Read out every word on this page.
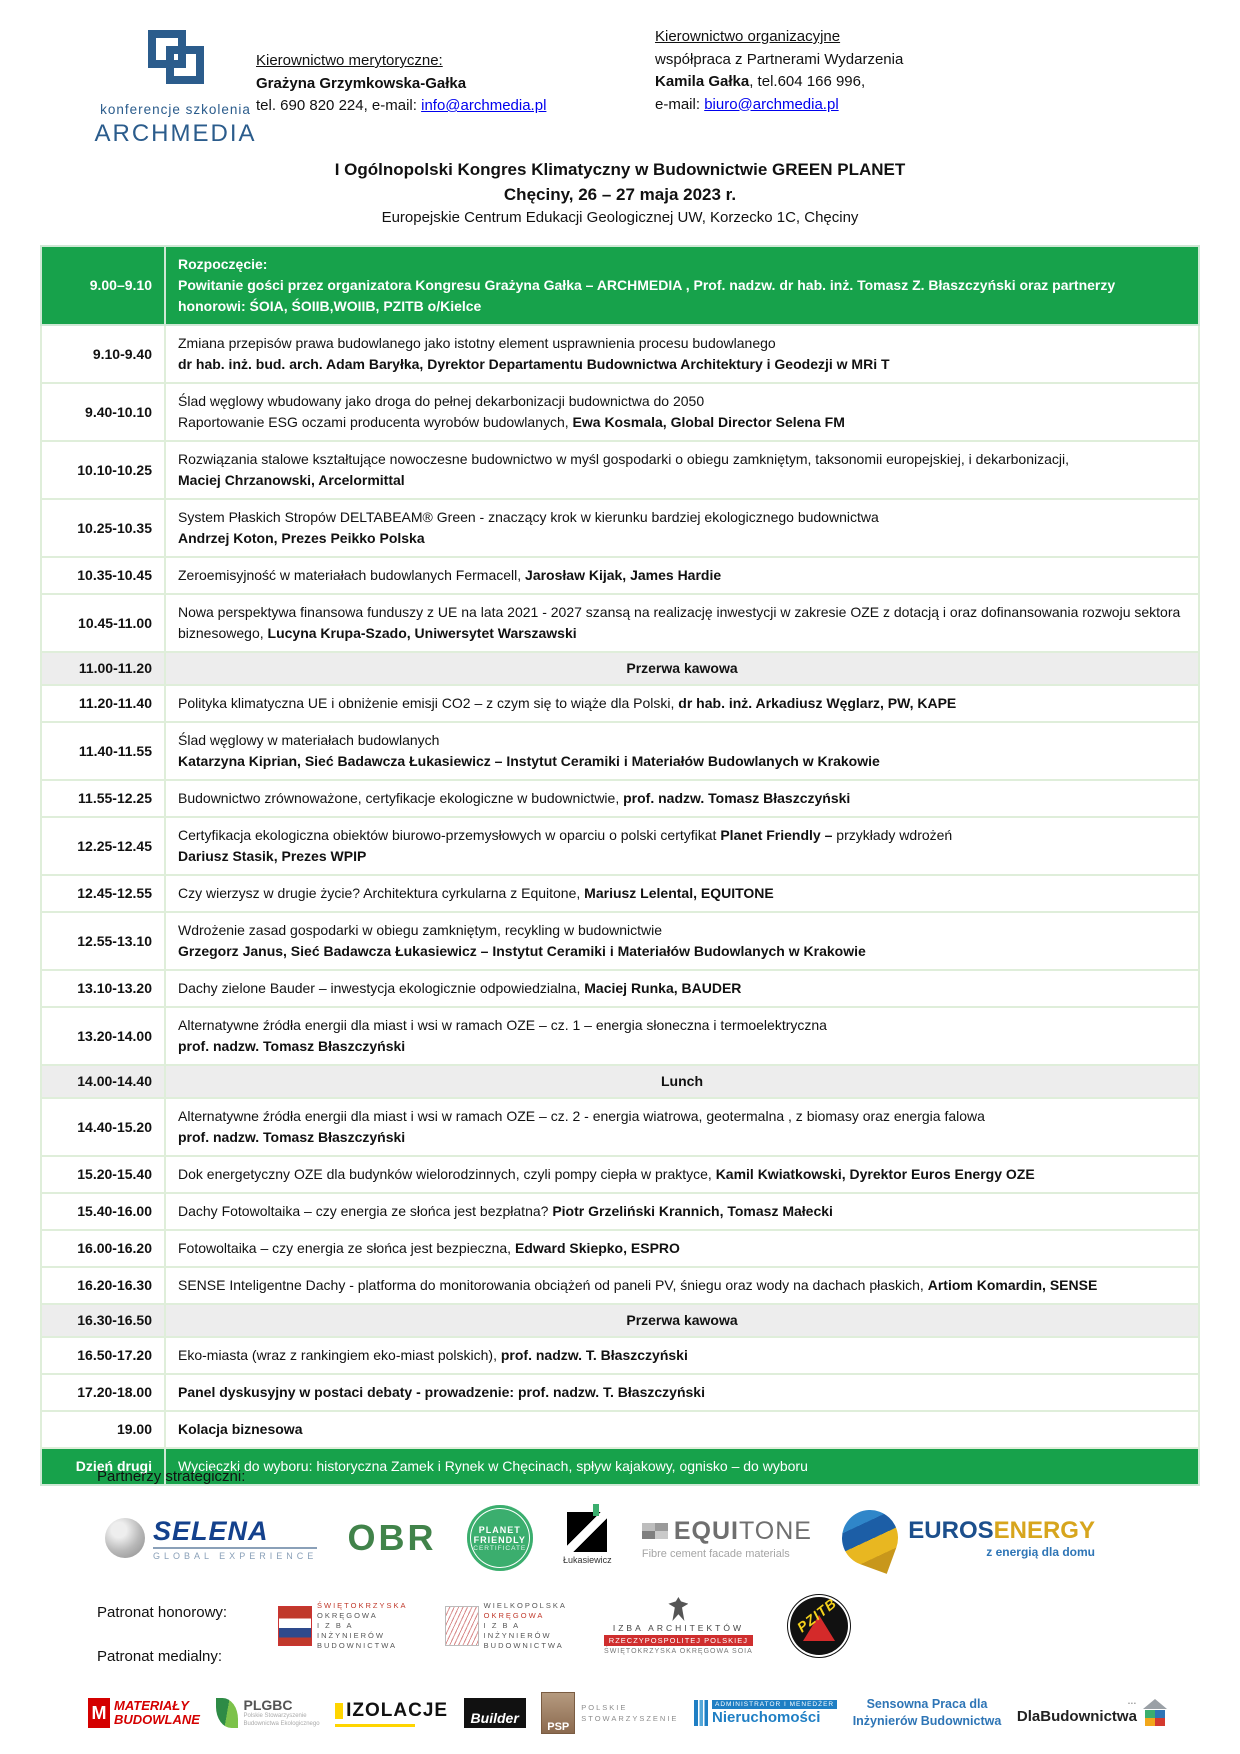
konferencje szkolenia
ARCHMEDIA
Kierownictwo merytoryczne:
Grażyna Grzymkowska-Gałka
tel. 690 820 224, e-mail: info@archmedia.pl
Kierownictwo organizacyjne
współpraca z Partnerami Wydarzenia
Kamila Gałka, tel.604 166 996,
e-mail: biuro@archmedia.pl
I Ogólnopolski Kongres Klimatyczny w Budownictwie GREEN PLANET
Chęciny, 26 – 27 maja 2023 r.
Europejskie Centrum Edukacji Geologicznej UW, Korzecko 1C, Chęciny
9.00–9.10	Rozpoczęcie:
Powitanie gości przez organizatora Kongresu Grażyna Gałka – ARCHMEDIA , Prof. nadzw. dr hab. inż. Tomasz Z. Błaszczyński oraz partnerzy honorowi: ŚOIA, ŚOIIB,WOIIB, PZITB o/Kielce

9.10-9.40	Zmiana przepisów prawa budowlanego jako istotny element usprawnienia procesu budowlanego
dr hab. inż. bud. arch. Adam Baryłka, Dyrektor Departamentu Budownictwa Architektury i Geodezji w MRi T
9.40-10.10	Ślad węglowy wbudowany jako droga do pełnej dekarbonizacji budownictwa do 2050
Raportowanie ESG oczami producenta wyrobów budowlanych, Ewa Kosmala, Global Director Selena FM
10.10-10.25	Rozwiązania stalowe kształtujące nowoczesne budownictwo w myśl gospodarki o obiegu zamkniętym, taksonomii europejskiej, i dekarbonizacji,
Maciej Chrzanowski, Arcelormittal
10.25-10.35	System Płaskich Stropów DELTABEAM® Green - znaczący krok w kierunku bardziej ekologicznego budownictwa
Andrzej Koton, Prezes Peikko Polska
10.35-10.45	Zeroemisyjność w materiałach budowlanych Fermacell, Jarosław Kijak, James Hardie
10.45-11.00	Nowa perspektywa finansowa funduszy z UE na lata 2021 - 2027 szansą na realizację inwestycji w zakresie OZE z dotacją i oraz dofinansowania rozwoju sektora biznesowego, Lucyna Krupa-Szado, Uniwersytet Warszawski
11.00-11.20	Przerwa kawowa
11.20-11.40	Polityka klimatyczna UE i obniżenie emisji CO2 – z czym się to wiąże dla Polski, dr hab. inż. Arkadiusz Węglarz, PW, KAPE
11.40-11.55	Ślad węglowy w materiałach budowlanych
Katarzyna Kiprian, Sieć Badawcza Łukasiewicz – Instytut Ceramiki i Materiałów Budowlanych w Krakowie
11.55-12.25	Budownictwo zrównoważone, certyfikacje ekologiczne w budownictwie, prof. nadzw. Tomasz Błaszczyński
12.25-12.45	Certyfikacja ekologiczna obiektów biurowo-przemysłowych w oparciu o polski certyfikat Planet Friendly – przykłady wdrożeń
Dariusz Stasik, Prezes WPIP
12.45-12.55	Czy wierzysz w drugie życie? Architektura cyrkularna z Equitone, Mariusz Lelental, EQUITONE
12.55-13.10	Wdrożenie zasad gospodarki w obiegu zamkniętym, recykling w budownictwie
Grzegorz Janus, Sieć Badawcza Łukasiewicz – Instytut Ceramiki i Materiałów Budowlanych w Krakowie
13.10-13.20	Dachy zielone Bauder – inwestycja ekologicznie odpowiedzialna, Maciej Runka, BAUDER
13.20-14.00	Alternatywne źródła energii dla miast i wsi w ramach OZE – cz. 1 – energia słoneczna i termoelektryczna
prof. nadzw. Tomasz Błaszczyński
14.00-14.40	Lunch
14.40-15.20	Alternatywne źródła energii dla miast i wsi w ramach OZE – cz. 2 - energia wiatrowa, geotermalna , z biomasy oraz energia falowa
prof. nadzw. Tomasz Błaszczyński
15.20-15.40	Dok energetyczny OZE dla budynków wielorodzinnych, czyli pompy ciepła w praktyce, Kamil Kwiatkowski, Dyrektor Euros Energy OZE
15.40-16.00	Dachy Fotowoltaika – czy energia ze słońca jest bezpłatna? Piotr Grzeliński Krannich, Tomasz Małecki
16.00-16.20	Fotowoltaika – czy energia ze słońca jest bezpieczna, Edward Skiepko, ESPRO
16.20-16.30	SENSE Inteligentne Dachy - platforma do monitorowania obciążeń od paneli PV, śniegu oraz wody na dachach płaskich, Artiom Komardin, SENSE
16.30-16.50	Przerwa kawowa
16.50-17.20	Eko-miasta (wraz z rankingiem eko-miast polskich), prof. nadzw. T. Błaszczyński
17.20-18.00	Panel dyskusyjny w postaci debaty - prowadzenie: prof. nadzw. T. Błaszczyński
19.00	Kolacja biznesowa
Dzień drugi	Wycieczki do wyboru: historyczna Zamek i Rynek w Chęcinach, spływ kajakowy, ognisko – do wyboru
Partnerzy strategiczni:
SELENA
GLOBAL EXPERIENCE OBR	PLANET
FRIENDLY
CERTIFICATE
Łukasiewicz
EQUITONE
Fibre cement facade materials
EUROSENERGY
z energią dla domu
Patronat honorowy:	ŚWIĘTOKRZYSKA
OKRĘGOWA
I Z B A
INŻYNIERÓW
BUDOWNICTWA
WIELKOPOLSKA
OKRĘGOWA
I Z B A
INŻYNIERÓW
BUDOWNICTWA
IZBA ARCHITEKTÓW
RZECZYPOSPOLITEJ POLSKIEJ
ŚWIĘTOKRZYSKA OKRĘGOWA SOIA
PZITB
Patronat medialny:
M MATERIAŁY
BUDOWLANE
PLGBC
Polskie Stowarzyszenie
Budownictwa Ekologicznego
IZOLACJE	Builder
PSP
POLSKIE
STOWARZYSZENIE
ADMINISTRATOR I MENEDŻER
Nieruchomości
Sensowna Praca dla
Inżynierów Budownictwa
▪▪▪
DlaBudownictwa
